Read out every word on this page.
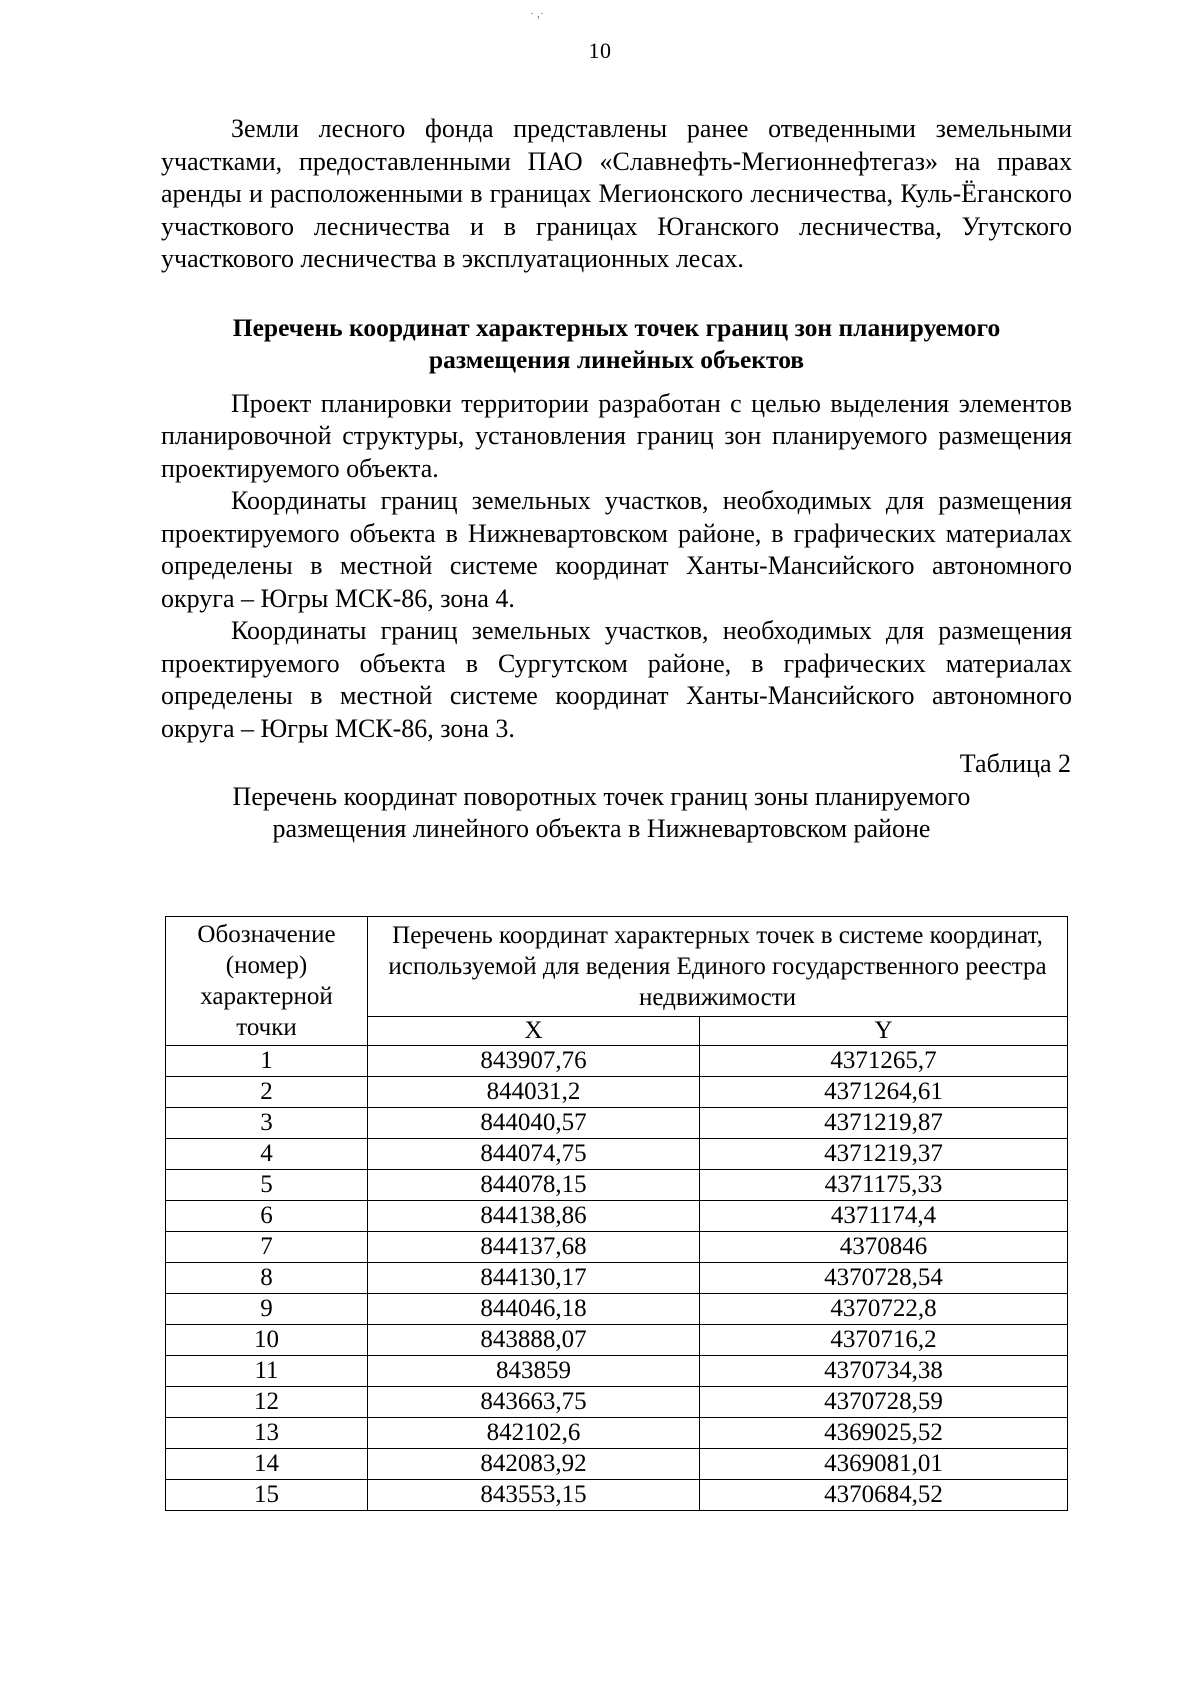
· ,·
10

Земли лесного фонда представлены ранее отведенными земельными участками, предоставленными ПАО «Славнефть-Мегионнефтегаз» на правах аренды и расположенными в границах Мегионского лесничества, Куль-Ёганского участкового лесничества и в границах Юганского лесничества, Угутского участкового лесничества в эксплуатационных лесах.

Перечень координат характерных точек границ зон планируемого
размещения линейных объектов

Проект планировки территории разработан с целью выделения элементов планировочной структуры, установления границ зон планируемого размещения проектируемого объекта.

Координаты границ земельных участков, необходимых для размещения проектируемого объекта в Нижневартовском районе, в графических материалах определены в местной системе координат Ханты-Мансийского автономного округа – Югры МСК-86, зона 4.

Координаты границ земельных участков, необходимых для размещения проектируемого объекта в Сургутском районе, в графических материалах определены в местной системе координат Ханты-Мансийского автономного округа – Югры МСК-86, зона 3.

Таблица 2
Перечень координат поворотных точек границ зоны планируемого
размещения линейного объекта в Нижневартовском районе
Обозначение (номер) характерной точки	Перечень координат характерных точек в системе координат, используемой для ведения Единого государственного реестра недвижимости	
	X	Y
1	843907,76	4371265,7
2	844031,2	4371264,61
3	844040,57	4371219,87
4	844074,75	4371219,37
5	844078,15	4371175,33
6	844138,86	4371174,4
7	844137,68	4370846
8	844130,17	4370728,54
9	844046,18	4370722,8
10	843888,07	4370716,2
11	843859	4370734,38
12	843663,75	4370728,59
13	842102,6	4369025,52
14	842083,92	4369081,01
15	843553,15	4370684,52
